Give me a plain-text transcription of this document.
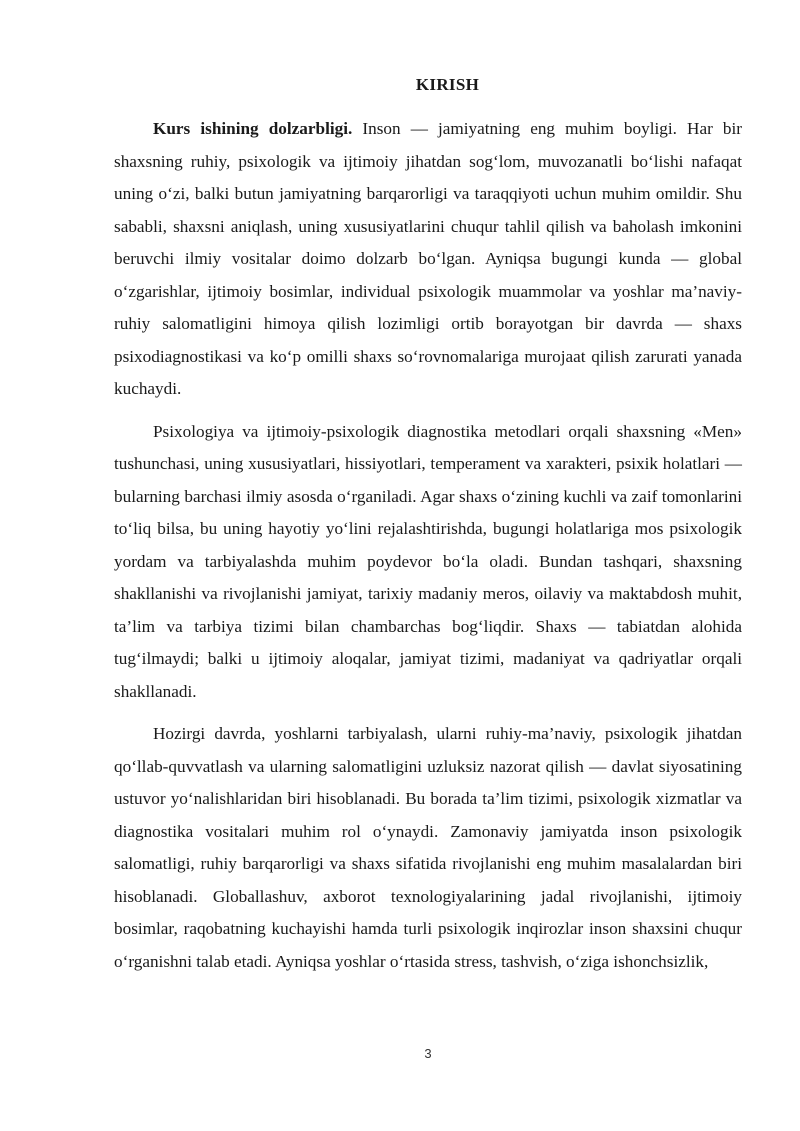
KIRISH

Kurs ishining dolzarbligi. Inson — jamiyatning eng muhim boyligi. Har bir shaxsning ruhiy, psixologik va ijtimoiy jihatdan sog‘lom, muvozanatli bo‘lishi nafaqat uning o‘zi, balki butun jamiyatning barqarorligi va taraqqiyoti uchun muhim omildir. Shu sababli, shaxsni aniqlash, uning xususiyatlarini chuqur tahlil qilish va baholash imkonini beruvchi ilmiy vositalar doimo dolzarb bo‘lgan. Ayniqsa bugungi kunda — global o‘zgarishlar, ijtimoiy bosimlar, individual psixologik muammolar va yoshlar ma’naviy-ruhiy salomatligini himoya qilish lozimligi ortib borayotgan bir davrda — shaxs psixodiagnostikasi va ko‘p omilli shaxs so‘rovnomalariga murojaat qilish zarurati yanada kuchaydi.

Psixologiya va ijtimoiy-psixologik diagnostika metodlari orqali shaxsning «Men» tushunchasi, uning xususiyatlari, hissiyotlari, temperament va xarakteri, psixik holatlari — bularning barchasi ilmiy asosda o‘rganiladi. Agar shaxs o‘zining kuchli va zaif tomonlarini to‘liq bilsa, bu uning hayotiy yo‘lini rejalashtirishda, bugungi holatlariga mos psixologik yordam va tarbiyalashda muhim poydevor bo‘la oladi. Bundan tashqari, shaxsning shakllanishi va rivojlanishi jamiyat, tarixiy madaniy meros, oilaviy va maktabdosh muhit, ta’lim va tarbiya tizimi bilan chambarchas bog‘liqdir. Shaxs — tabiatdan alohida tug‘ilmaydi; balki u ijtimoiy aloqalar, jamiyat tizimi, madaniyat va qadriyatlar orqali shakllanadi.

Hozirgi davrda, yoshlarni tarbiyalash, ularni ruhiy-ma’naviy, psixologik jihatdan qo‘llab-quvvatlash va ularning salomatligini uzluksiz nazorat qilish — davlat siyosatining ustuvor yo‘nalishlaridan biri hisoblanadi. Bu borada ta’lim tizimi, psixologik xizmatlar va diagnostika vositalari muhim rol o‘ynaydi. Zamonaviy jamiyatda inson psixologik salomatligi, ruhiy barqarorligi va shaxs sifatida rivojlanishi eng muhim masalalardan biri hisoblanadi. Globallashuv, axborot texnologiyalarining jadal rivojlanishi, ijtimoiy bosimlar, raqobatning kuchayishi hamda turli psixologik inqirozlar inson shaxsini chuqur o‘rganishni talab etadi. Ayniqsa yoshlar o‘rtasida stress, tashvish, o‘ziga ishonchsizlik,

3
